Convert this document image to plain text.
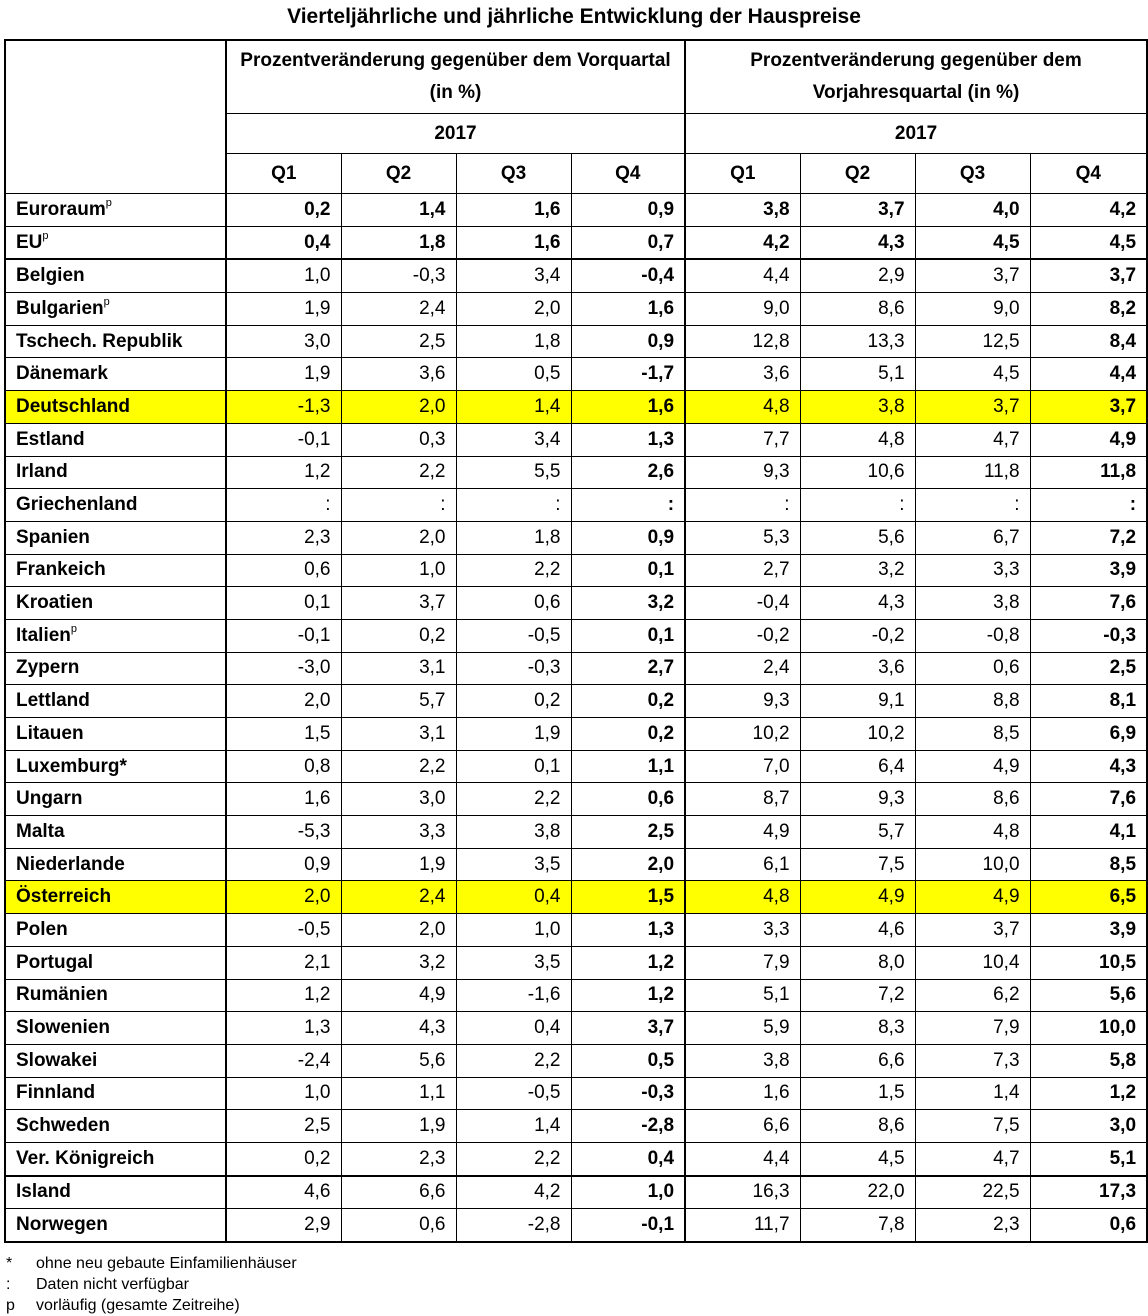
Vierteljährliche und jährliche Entwicklung der Hauspreise
	Prozentveränderung gegenüber dem Vorquartal (in %)				Prozentveränderung gegenüber dem Vorjahresquartal (in %)			
	2017				2017			
	Q1	Q2	Q3	Q4	Q1	Q2	Q3	Q4
Euroraum$^p$	0,2	1,4	1,6	0,9	3,8	3,7	4,0	4,2
$EU^p$	0,4	1,8	1,6	0,7	4,2	4,3	4,5	4,5
Belgien	1,0	-0,3	3,4	-0,4	4,4	2,9	3,7	3,7
Bulgarien$^p$	1,9	2,4	2,0	1,6	9,0	8,6	9,0	8,2
Tschech. Republik	3,0	2,5	1,8	0,9	12,8	13,3	12,5	8,4
Dänemark	1,9	3,6	0,5	-1,7	3,6	5,1	4,5	4,4
Deutschland	-1,3	2,0	1,4	1,6	4,8	3,8	3,7	3,7
Estland	-0,1	0,3	3,4	1,3	7,7	4,8	4,7	4,9
Irland	1,2	2,2	5,5	2,6	9,3	10,6	11,8	11,8
Griechenland	:	:	:	:	:	:	:	:
Spanien	2,3	2,0	1,8	0,9	5,3	5,6	6,7	7,2
Frankeich	0,6	1,0	2,2	0,1	2,7	3,2	3,3	3,9
Kroatien	0,1	3,7	0,6	3,2	-0,4	4,3	3,8	7,6
Italien$^p$	-0,1	0,2	-0,5	0,1	-0,2	-0,2	-0,8	-0,3
Zypern	-3,0	3,1	-0,3	2,7	2,4	3,6	0,6	2,5
Lettland	2,0	5,7	0,2	0,2	9,3	9,1	8,8	8,1
Litauen	1,5	3,1	1,9	0,2	10,2	10,2	8,5	6,9
Luxemburg*	0,8	2,2	0,1	1,1	7,0	6,4	4,9	4,3
Ungarn	1,6	3,0	2,2	0,6	8,7	9,3	8,6	7,6
Malta	-5,3	3,3	3,8	2,5	4,9	5,7	4,8	4,1
Niederlande	0,9	1,9	3,5	2,0	6,1	7,5	10,0	8,5
Österreich	2,0	2,4	0,4	1,5	4,8	4,9	4,9	6,5
Polen	-0,5	2,0	1,0	1,3	3,3	4,6	3,7	3,9
Portugal	2,1	3,2	3,5	1,2	7,9	8,0	10,4	10,5
Rumänien	1,2	4,9	-1,6	1,2	5,1	7,2	6,2	5,6
Slowenien	1,3	4,3	0,4	3,7	5,9	8,3	7,9	10,0
Slowakei	-2,4	5,6	2,2	0,5	3,8	6,6	7,3	5,8
Finnland	1,0	1,1	-0,5	-0,3	1,6	1,5	1,4	1,2
Schweden	2,5	1,9	1,4	-2,8	6,6	8,6	7,5	3,0
Ver. Königreich	0,2	2,3	2,2	0,4	4,4	4,5	4,7	5,1
Island	4,6	6,6	4,2	1,0	16,3	22,0	22,5	17,3
Norwegen	2,9	0,6	-2,8	-0,1	11,7	7,8	2,3	0,6
* ohne neu gebaute Einfamilienhäuser
: Daten nicht verfügbar
p vorläufig (gesamte Zeitreihe)
